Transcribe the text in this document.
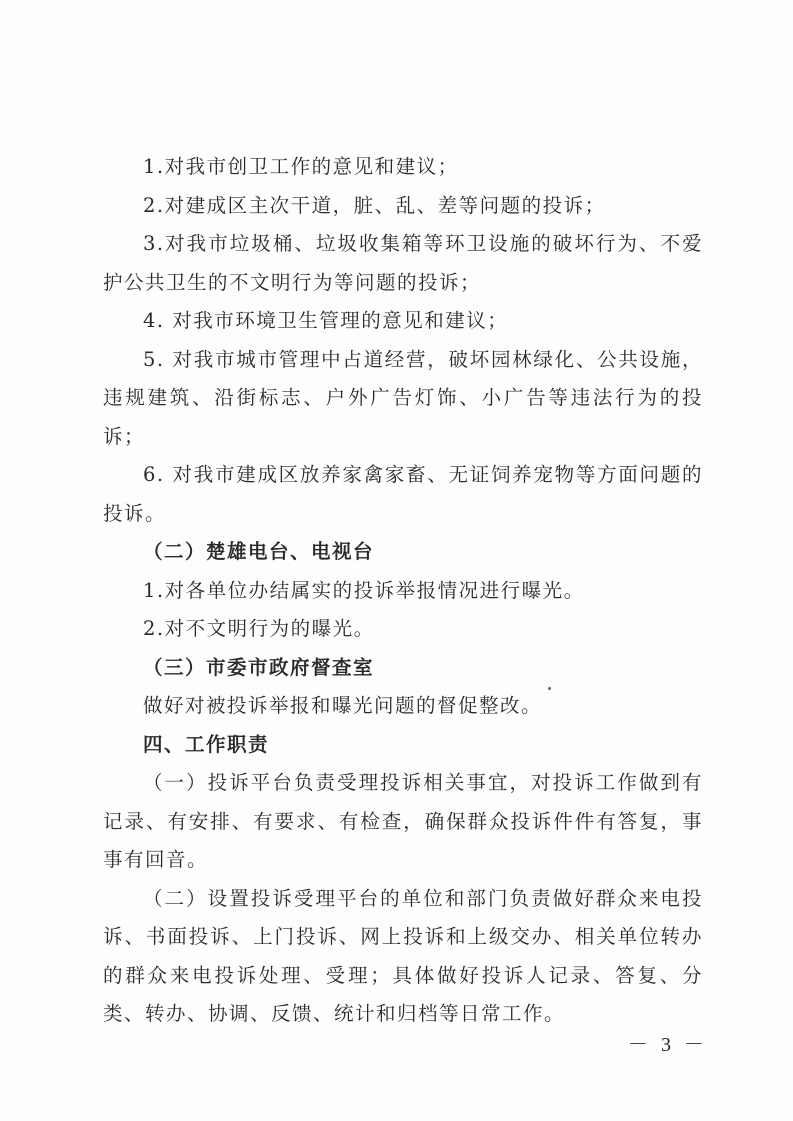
1.对我市创卫工作的意见和建议；

2.对建成区主次干道，脏、乱、差等问题的投诉；

3.对我市垃圾桶、垃圾收集箱等环卫设施的破坏行为、不爱护公共卫生的不文明行为等问题的投诉；

4. 对我市环境卫生管理的意见和建议；

5. 对我市城市管理中占道经营，破坏园林绿化、公共设施，违规建筑、沿街标志、户外广告灯饰、小广告等违法行为的投诉；

6. 对我市建成区放养家禽家畜、无证饲养宠物等方面问题的投诉。

（二）楚雄电台、电视台

1.对各单位办结属实的投诉举报情况进行曝光。

2.对不文明行为的曝光。

（三）市委市政府督查室

做好对被投诉举报和曝光问题的督促整改。

四、工作职责

（一）投诉平台负责受理投诉相关事宜，对投诉工作做到有记录、有安排、有要求、有检查，确保群众投诉件件有答复，事事有回音。

（二）设置投诉受理平台的单位和部门负责做好群众来电投诉、书面投诉、上门投诉、网上投诉和上级交办、相关单位转办的群众来电投诉处理、受理；具体做好投诉人记录、答复、分类、转办、协调、反馈、统计和归档等日常工作。

－ 3 －
